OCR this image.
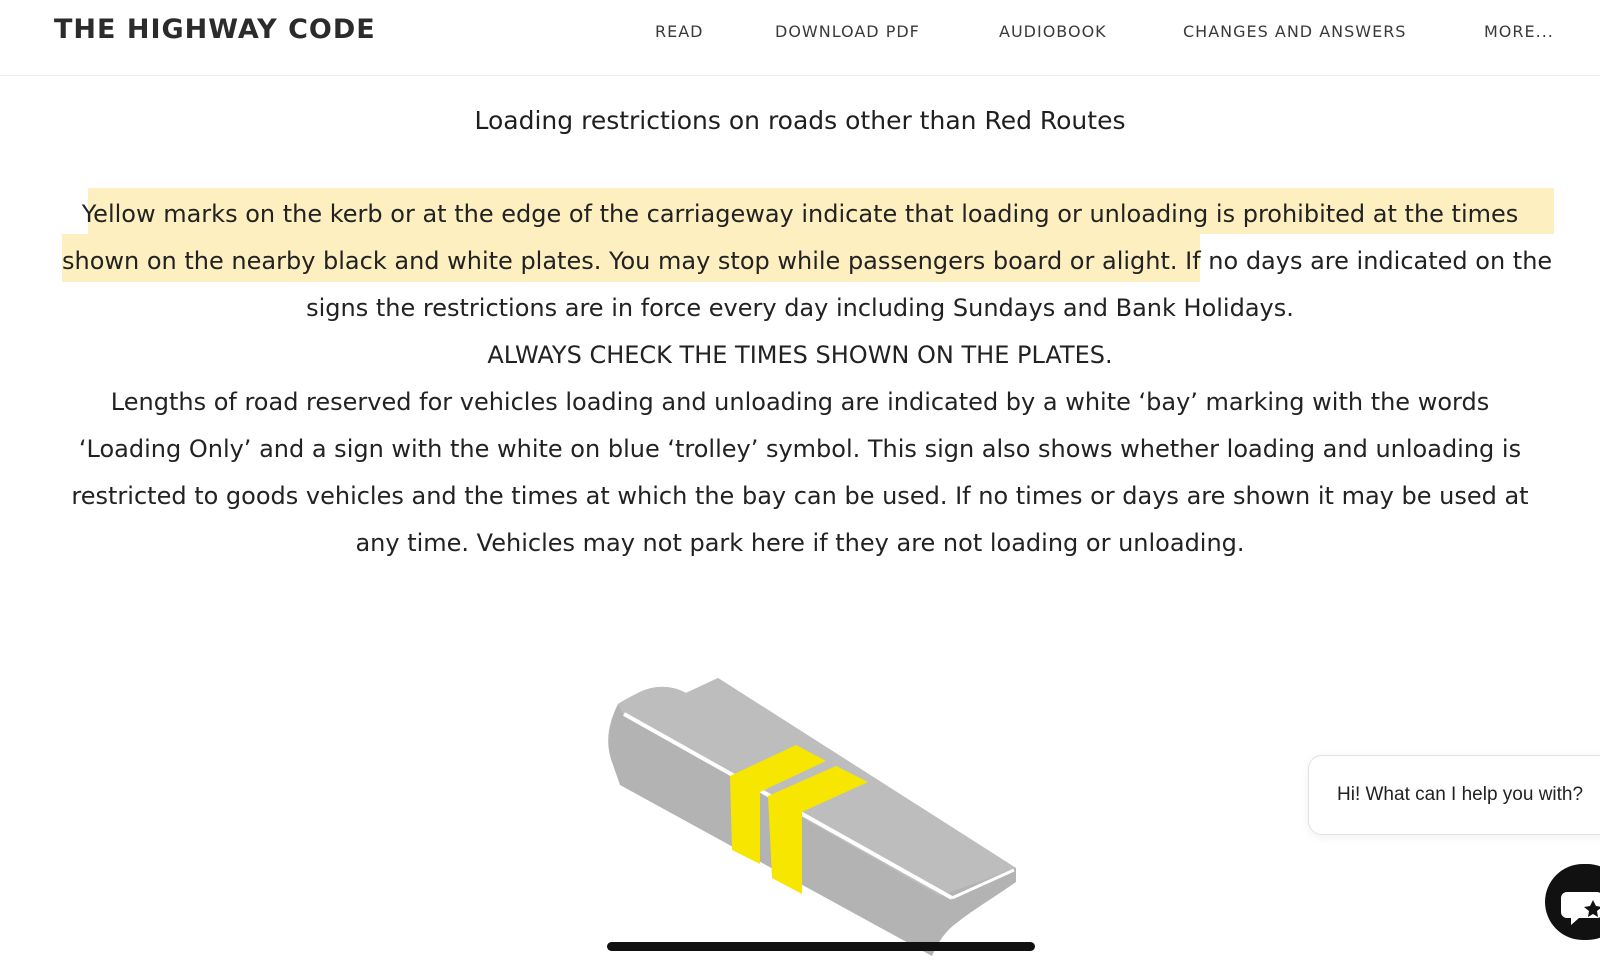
THE HIGHWAY CODE	READ	DOWNLOAD PDF	AUDIOBOOK	CHANGES AND ANSWERS	MORE...
Loading restrictions on roads other than Red Routes
Yellow marks on the kerb or at the edge of the carriageway indicate that loading or unloading is prohibited at the times
shown on the nearby black and white plates. You may stop while passengers board or alight. If no days are indicated on the
signs the restrictions are in force every day including Sundays and Bank Holidays.
ALWAYS CHECK THE TIMES SHOWN ON THE PLATES.
Lengths of road reserved for vehicles loading and unloading are indicated by a white ‘bay’ marking with the words
‘Loading Only’ and a sign with the white on blue ‘trolley’ symbol. This sign also shows whether loading and unloading is
restricted to goods vehicles and the times at which the bay can be used. If no times or days are shown it may be used at
any time. Vehicles may not park here if they are not loading or unloading.
Hi! What can I help you with?
